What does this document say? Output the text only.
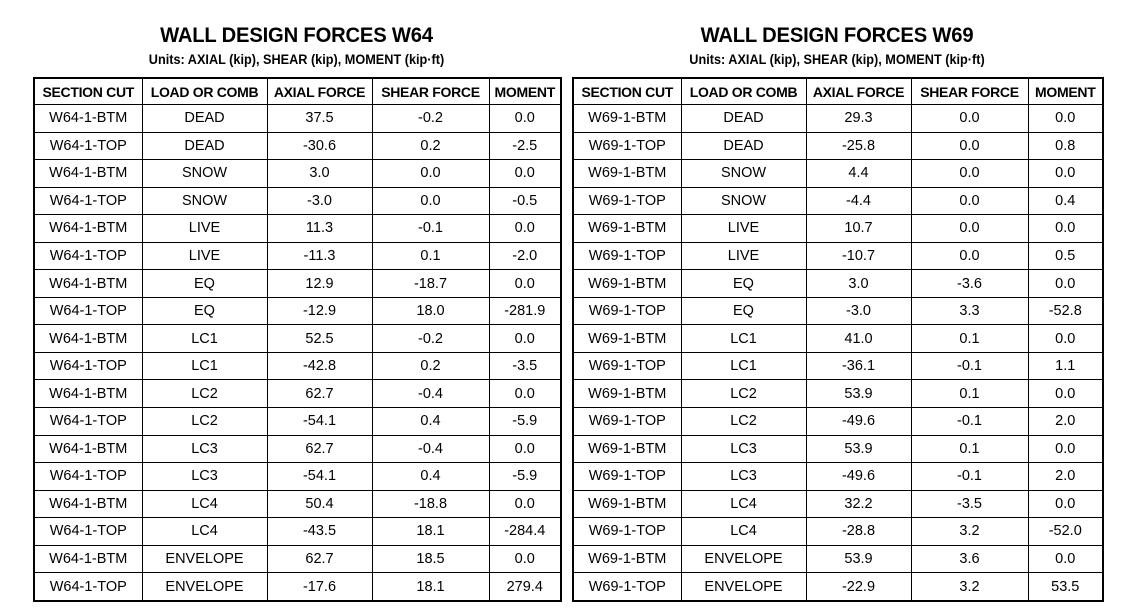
WALL DESIGN FORCES W64
Units: AXIAL (kip), SHEAR (kip), MOMENT (kip·ft)
SECTION CUT	LOAD OR COMB	AXIAL FORCE	SHEAR FORCE	MOMENT
W64-1-BTM	DEAD	37.5	-0.2	0.0
W64-1-TOP	DEAD	-30.6	0.2	-2.5
W64-1-BTM	SNOW	3.0	0.0	0.0
W64-1-TOP	SNOW	-3.0	0.0	-0.5
W64-1-BTM	LIVE	11.3	-0.1	0.0
W64-1-TOP	LIVE	-11.3	0.1	-2.0
W64-1-BTM	EQ	12.9	-18.7	0.0
W64-1-TOP	EQ	-12.9	18.0	-281.9
W64-1-BTM	LC1	52.5	-0.2	0.0
W64-1-TOP	LC1	-42.8	0.2	-3.5
W64-1-BTM	LC2	62.7	-0.4	0.0
W64-1-TOP	LC2	-54.1	0.4	-5.9
W64-1-BTM	LC3	62.7	-0.4	0.0
W64-1-TOP	LC3	-54.1	0.4	-5.9
W64-1-BTM	LC4	50.4	-18.8	0.0
W64-1-TOP	LC4	-43.5	18.1	-284.4
W64-1-BTM	ENVELOPE	62.7	18.5	0.0
W64-1-TOP	ENVELOPE	-17.6	18.1	279.4
WALL DESIGN FORCES W69
Units: AXIAL (kip), SHEAR (kip), MOMENT (kip·ft)
SECTION CUT	LOAD OR COMB	AXIAL FORCE	SHEAR FORCE	MOMENT
W69-1-BTM	DEAD	29.3	0.0	0.0
W69-1-TOP	DEAD	-25.8	0.0	0.8
W69-1-BTM	SNOW	4.4	0.0	0.0
W69-1-TOP	SNOW	-4.4	0.0	0.4
W69-1-BTM	LIVE	10.7	0.0	0.0
W69-1-TOP	LIVE	-10.7	0.0	0.5
W69-1-BTM	EQ	3.0	-3.6	0.0
W69-1-TOP	EQ	-3.0	3.3	-52.8
W69-1-BTM	LC1	41.0	0.1	0.0
W69-1-TOP	LC1	-36.1	-0.1	1.1
W69-1-BTM	LC2	53.9	0.1	0.0
W69-1-TOP	LC2	-49.6	-0.1	2.0
W69-1-BTM	LC3	53.9	0.1	0.0
W69-1-TOP	LC3	-49.6	-0.1	2.0
W69-1-BTM	LC4	32.2	-3.5	0.0
W69-1-TOP	LC4	-28.8	3.2	-52.0
W69-1-BTM	ENVELOPE	53.9	3.6	0.0
W69-1-TOP	ENVELOPE	-22.9	3.2	53.5
